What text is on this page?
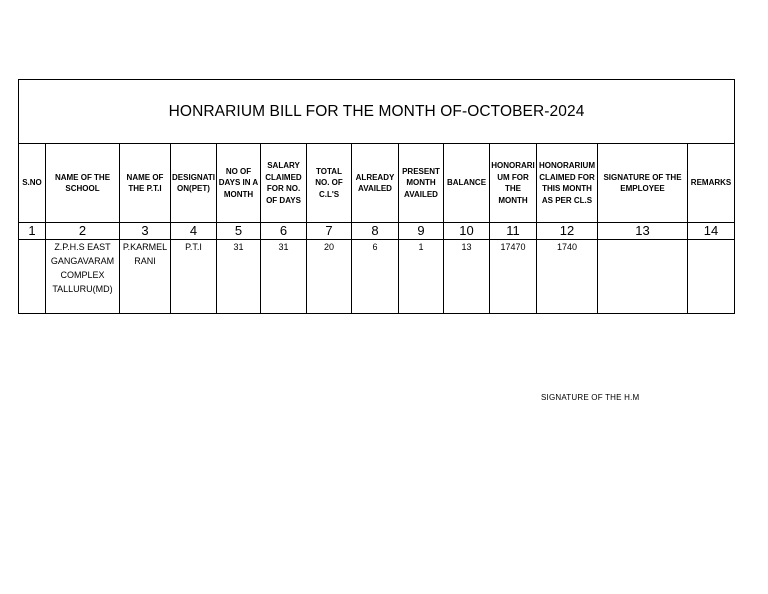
HONRARIUM BILL FOR THE MONTH OF-OCTOBER-2024													
S.NO	NAME OF THE SCHOOL	NAME OF THE P.T.I	DESIGNATI ON(PET)	NO OF DAYS IN A MONTH	SALARY CLAIMED FOR NO. OF DAYS	TOTAL NO. OF C.L'S	ALREADY AVAILED	PRESENT MONTH AVAILED	BALANCE	HONORARI UM FOR THE MONTH	HONORARIUM CLAIMED FOR THIS MONTH AS PER CL.S	SIGNATURE OF THE EMPLOYEE	REMARKS
1	2	3	4	5	6	7	8	9	10	11	12	13	14
	Z.P.H.S EAST GANGAVARAM COMPLEX TALLURU(MD)	P.KARMEL RANI	P.T.I	31	31	20	6	1	13	17470	1740		
SIGNATURE OF THE H.M
